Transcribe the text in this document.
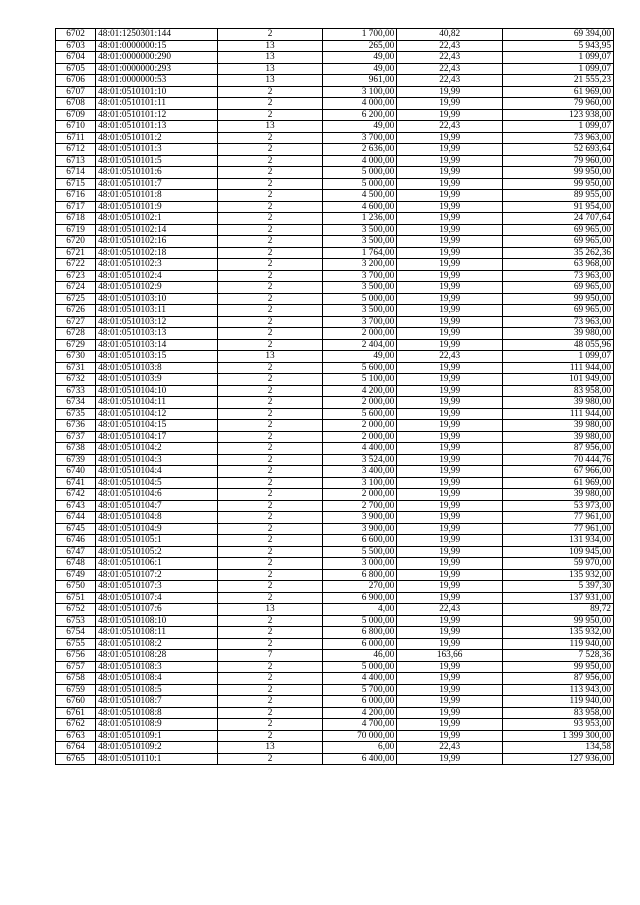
6702	48:01:1250301:144	2	1 700,00	40,82	69 394,00
6703	48:01:0000000:15	13	265,00	22,43	5 943,95
6704	48:01:0000000:290	13	49,00	22,43	1 099,07
6705	48:01:0000000:293	13	49,00	22,43	1 099,07
6706	48:01:0000000:53	13	961,00	22,43	21 555,23
6707	48:01:0510101:10	2	3 100,00	19,99	61 969,00
6708	48:01:0510101:11	2	4 000,00	19,99	79 960,00
6709	48:01:0510101:12	2	6 200,00	19,99	123 938,00
6710	48:01:0510101:13	13	49,00	22,43	1 099,07
6711	48:01:0510101:2	2	3 700,00	19,99	73 963,00
6712	48:01:0510101:3	2	2 636,00	19,99	52 693,64
6713	48:01:0510101:5	2	4 000,00	19,99	79 960,00
6714	48:01:0510101:6	2	5 000,00	19,99	99 950,00
6715	48:01:0510101:7	2	5 000,00	19,99	99 950,00
6716	48:01:0510101:8	2	4 500,00	19,99	89 955,00
6717	48:01:0510101:9	2	4 600,00	19,99	91 954,00
6718	48:01:0510102:1	2	1 236,00	19,99	24 707,64
6719	48:01:0510102:14	2	3 500,00	19,99	69 965,00
6720	48:01:0510102:16	2	3 500,00	19,99	69 965,00
6721	48:01:0510102:18	2	1 764,00	19,99	35 262,36
6722	48:01:0510102:3	2	3 200,00	19,99	63 968,00
6723	48:01:0510102:4	2	3 700,00	19,99	73 963,00
6724	48:01:0510102:9	2	3 500,00	19,99	69 965,00
6725	48:01:0510103:10	2	5 000,00	19,99	99 950,00
6726	48:01:0510103:11	2	3 500,00	19,99	69 965,00
6727	48:01:0510103:12	2	3 700,00	19,99	73 963,00
6728	48:01:0510103:13	2	2 000,00	19,99	39 980,00
6729	48:01:0510103:14	2	2 404,00	19,99	48 055,96
6730	48:01:0510103:15	13	49,00	22,43	1 099,07
6731	48:01:0510103:8	2	5 600,00	19,99	111 944,00
6732	48:01:0510103:9	2	5 100,00	19,99	101 949,00
6733	48:01:0510104:10	2	4 200,00	19,99	83 958,00
6734	48:01:0510104:11	2	2 000,00	19,99	39 980,00
6735	48:01:0510104:12	2	5 600,00	19,99	111 944,00
6736	48:01:0510104:15	2	2 000,00	19,99	39 980,00
6737	48:01:0510104:17	2	2 000,00	19,99	39 980,00
6738	48:01:0510104:2	2	4 400,00	19,99	87 956,00
6739	48:01:0510104:3	2	3 524,00	19,99	70 444,76
6740	48:01:0510104:4	2	3 400,00	19,99	67 966,00
6741	48:01:0510104:5	2	3 100,00	19,99	61 969,00
6742	48:01:0510104:6	2	2 000,00	19,99	39 980,00
6743	48:01:0510104:7	2	2 700,00	19,99	53 973,00
6744	48:01:0510104:8	2	3 900,00	19,99	77 961,00
6745	48:01:0510104:9	2	3 900,00	19,99	77 961,00
6746	48:01:0510105:1	2	6 600,00	19,99	131 934,00
6747	48:01:0510105:2	2	5 500,00	19,99	109 945,00
6748	48:01:0510106:1	2	3 000,00	19,99	59 970,00
6749	48:01:0510107:2	2	6 800,00	19,99	135 932,00
6750	48:01:0510107:3	2	270,00	19,99	5 397,30
6751	48:01:0510107:4	2	6 900,00	19,99	137 931,00
6752	48:01:0510107:6	13	4,00	22,43	89,72
6753	48:01:0510108:10	2	5 000,00	19,99	99 950,00
6754	48:01:0510108:11	2	6 800,00	19,99	135 932,00
6755	48:01:0510108:2	2	6 000,00	19,99	119 940,00
6756	48:01:0510108:28	7	46,00	163,66	7 528,36
6757	48:01:0510108:3	2	5 000,00	19,99	99 950,00
6758	48:01:0510108:4	2	4 400,00	19,99	87 956,00
6759	48:01:0510108:5	2	5 700,00	19,99	113 943,00
6760	48:01:0510108:7	2	6 000,00	19,99	119 940,00
6761	48:01:0510108:8	2	4 200,00	19,99	83 958,00
6762	48:01:0510108:9	2	4 700,00	19,99	93 953,00
6763	48:01:0510109:1	2	70 000,00	19,99	1 399 300,00
6764	48:01:0510109:2	13	6,00	22,43	134,58
6765	48:01:0510110:1	2	6 400,00	19,99	127 936,00
